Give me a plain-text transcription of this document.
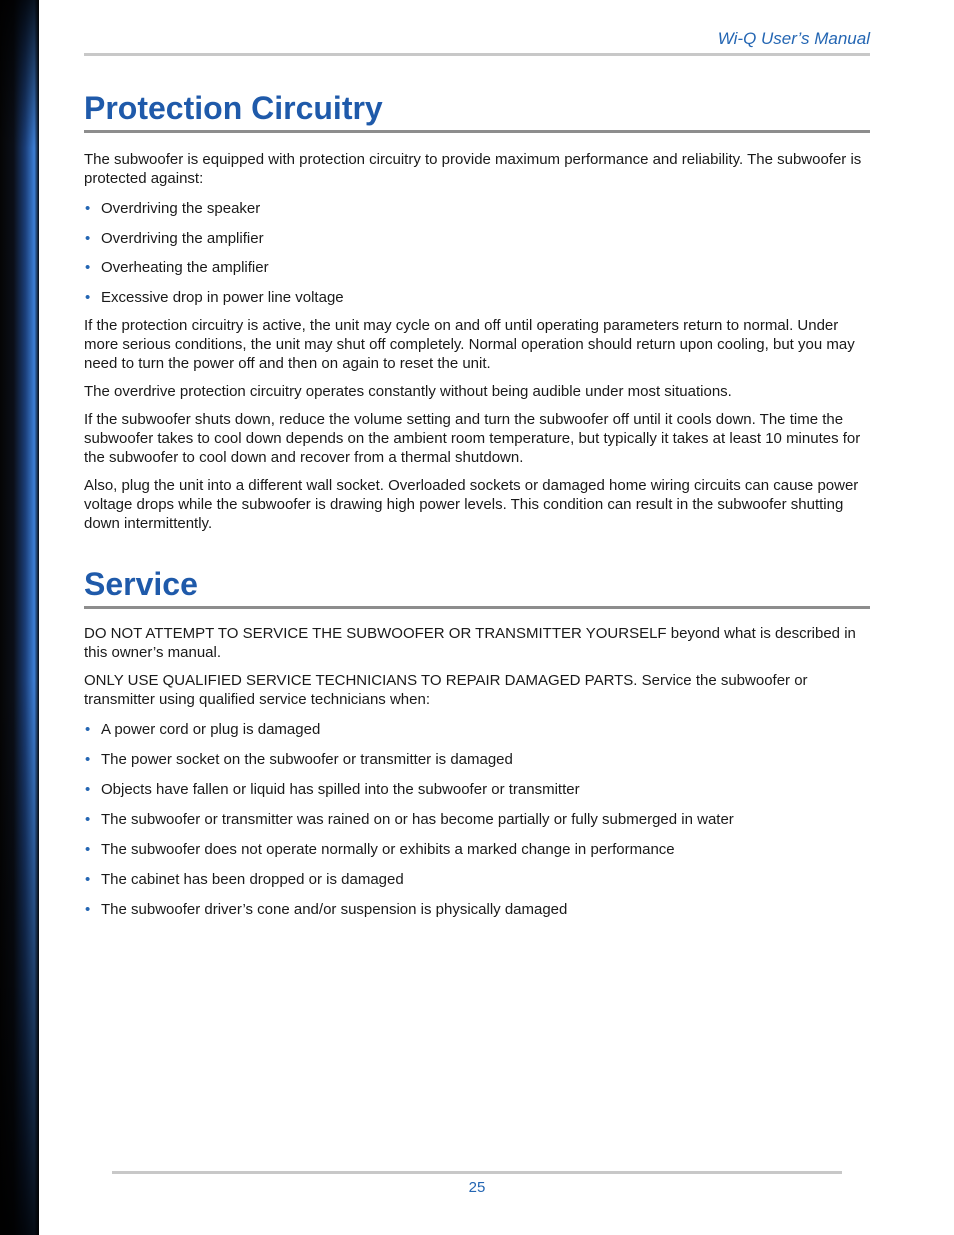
Wi-Q User’s Manual
Protection Circuitry

The subwoofer is equipped with protection circuitry to provide maximum performance and reliability. The subwoofer is protected against:

• Overdriving the speaker
• Overdriving the amplifier
• Overheating the amplifier
• Excessive drop in power line voltage

If the protection circuitry is active, the unit may cycle on and off until operating parameters return to normal. Under more serious conditions, the unit may shut off completely. Normal operation should return upon cooling, but you may need to turn the power off and then on again to reset the unit.

The overdrive protection circuitry operates constantly without being audible under most situations.

If the subwoofer shuts down, reduce the volume setting and turn the subwoofer off until it cools down. The time the subwoofer takes to cool down depends on the ambient room temperature, but typically it takes at least 10 minutes for the subwoofer to cool down and recover from a thermal shutdown.

Also, plug the unit into a different wall socket. Overloaded sockets or damaged home wiring circuits can cause power voltage drops while the subwoofer is drawing high power levels. This condition can result in the subwoofer shutting down intermittently.

Service

DO NOT ATTEMPT TO SERVICE THE SUBWOOFER OR TRANSMITTER YOURSELF beyond what is described in this owner’s manual.

ONLY USE QUALIFIED SERVICE TECHNICIANS TO REPAIR DAMAGED PARTS. Service the subwoofer or transmitter using qualified service technicians when:

• A power cord or plug is damaged
• The power socket on the subwoofer or transmitter is damaged
• Objects have fallen or liquid has spilled into the subwoofer or transmitter
• The subwoofer or transmitter was rained on or has become partially or fully submerged in water
• The subwoofer does not operate normally or exhibits a marked change in performance
• The cabinet has been dropped or is damaged
• The subwoofer driver’s cone and/or suspension is physically damaged
25
